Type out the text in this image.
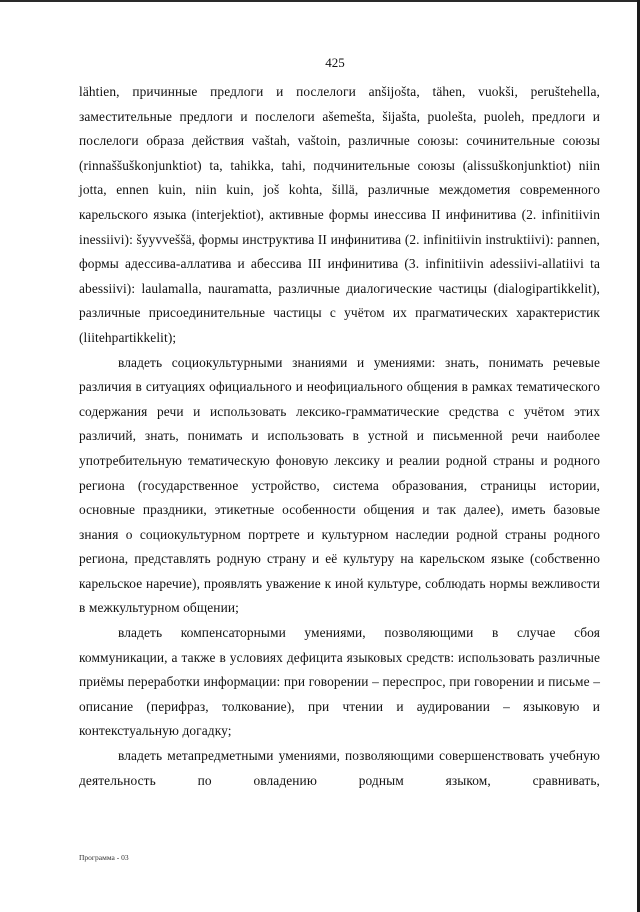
425

lähtien, причинные предлоги и послелоги anšijošta, tähen, vuokši, peruštehella, заместительные предлоги и послелоги ašemešta, šijašta, puolešta, puoleh, предлоги и послелоги образа действия vaštah, vaštoin, различные союзы: сочинительные союзы (rinnaššuškonjunktiot) ta, tahikka, tahi, подчинительные союзы (alissuškonjunktiot) niin jotta, ennen kuin, niin kuin, još kohta, šillä, различные междометия современного карельского языка (interjektiot), активные формы инессива II инфинитива (2. infinitiivin inessiivi): šyyvveššä, формы инструктива II инфинитива (2. infinitiivin instruktiivi): pannen, формы адессива-аллатива и абессива III инфинитива (3. infinitiivin adessiivi-allatiivi ta abessiivi): laulamalla, nauramatta, различные диалогические частицы (dialogipartikkelit), различные присоединительные частицы с учётом их прагматических характеристик (liitehpartikkelit);

владеть социокультурными знаниями и умениями: знать, понимать речевые различия в ситуациях официального и неофициального общения в рамках тематического содержания речи и использовать лексико-грамматические средства с учётом этих различий, знать, понимать и использовать в устной и письменной речи наиболее употребительную тематическую фоновую лексику и реалии родной страны и родного региона (государственное устройство, система образования, страницы истории, основные праздники, этикетные особенности общения и так далее), иметь базовые знания о социокультурном портрете и культурном наследии родной страны родного региона, представлять родную страну и её культуру на карельском языке (собственно карельское наречие), проявлять уважение к иной культуре, соблюдать нормы вежливости в межкультурном общении;

владеть компенсаторными умениями, позволяющими в случае сбоя коммуникации, а также в условиях дефицита языковых средств: использовать различные приёмы переработки информации: при говорении – переспрос, при говорении и письме – описание (перифраз, толкование), при чтении и аудировании – языковую и контекстуальную догадку;

владеть метапредметными умениями, позволяющими совершенствовать учебную деятельность по овладению родным языком, сравнивать,

Программа - 03
